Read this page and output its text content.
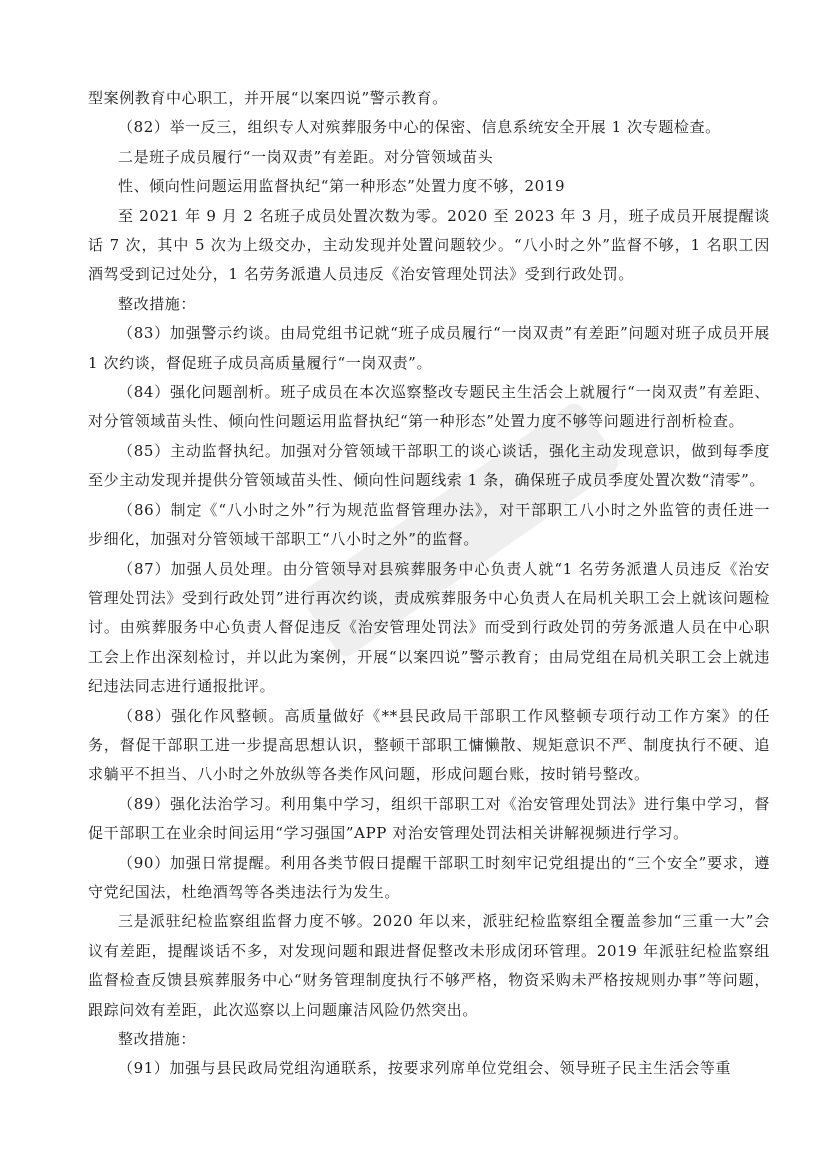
型案例教育中心职工，并开展“以案四说”警示教育。

（82）举一反三，组织专人对殡葬服务中心的保密、信息系统安全开展 1 次专题检查。

二是班子成员履行“一岗双责”有差距。对分管领域苗头

性、倾向性问题运用监督执纪“第一种形态”处置力度不够，2019

至 2021 年 9 月 2 名班子成员处置次数为零。2020 至 2023 年 3 月，班子成员开展提醒谈话 7 次，其中 5 次为上级交办，主动发现并处置问题较少。“八小时之外”监督不够，1 名职工因酒驾受到记过处分，1 名劳务派遣人员违反《治安管理处罚法》受到行政处罚。

整改措施：

（83）加强警示约谈。由局党组书记就“班子成员履行“一岗双责”有差距”问题对班子成员开展 1 次约谈，督促班子成员高质量履行“一岗双责”。

（84）强化问题剖析。班子成员在本次巡察整改专题民主生活会上就履行“一岗双责”有差距、对分管领域苗头性、倾向性问题运用监督执纪“第一种形态”处置力度不够等问题进行剖析检查。

（85）主动监督执纪。加强对分管领域干部职工的谈心谈话，强化主动发现意识，做到每季度至少主动发现并提供分管领域苗头性、倾向性问题线索 1 条，确保班子成员季度处置次数“清零”。

（86）制定《“八小时之外”行为规范监督管理办法》，对干部职工八小时之外监管的责任进一步细化，加强对分管领域干部职工“八小时之外”的监督。

（87）加强人员处理。由分管领导对县殡葬服务中心负责人就“1 名劳务派遣人员违反《治安管理处罚法》受到行政处罚”进行再次约谈，责成殡葬服务中心负责人在局机关职工会上就该问题检讨。由殡葬服务中心负责人督促违反《治安管理处罚法》而受到行政处罚的劳务派遣人员在中心职工会上作出深刻检讨，并以此为案例，开展“以案四说”警示教育；由局党组在局机关职工会上就违纪违法同志进行通报批评。

（88）强化作风整顿。高质量做好《**县民政局干部职工作风整顿专项行动工作方案》的任务，督促干部职工进一步提高思想认识，整顿干部职工慵懒散、规矩意识不严、制度执行不硬、追求躺平不担当、八小时之外放纵等各类作风问题，形成问题台账，按时销号整改。

（89）强化法治学习。利用集中学习，组织干部职工对《治安管理处罚法》进行集中学习，督促干部职工在业余时间运用“学习强国”APP 对治安管理处罚法相关讲解视频进行学习。

（90）加强日常提醒。利用各类节假日提醒干部职工时刻牢记党组提出的“三个安全”要求，遵守党纪国法，杜绝酒驾等各类违法行为发生。

三是派驻纪检监察组监督力度不够。2020 年以来，派驻纪检监察组全覆盖参加“三重一大”会议有差距，提醒谈话不多，对发现问题和跟进督促整改未形成闭环管理。2019 年派驻纪检监察组监督检查反馈县殡葬服务中心“财务管理制度执行不够严格，物资采购未严格按规则办事”等问题，跟踪问效有差距，此次巡察以上问题廉洁风险仍然突出。

整改措施：

（91）加强与县民政局党组沟通联系，按要求列席单位党组会、领导班子民主生活会等重
